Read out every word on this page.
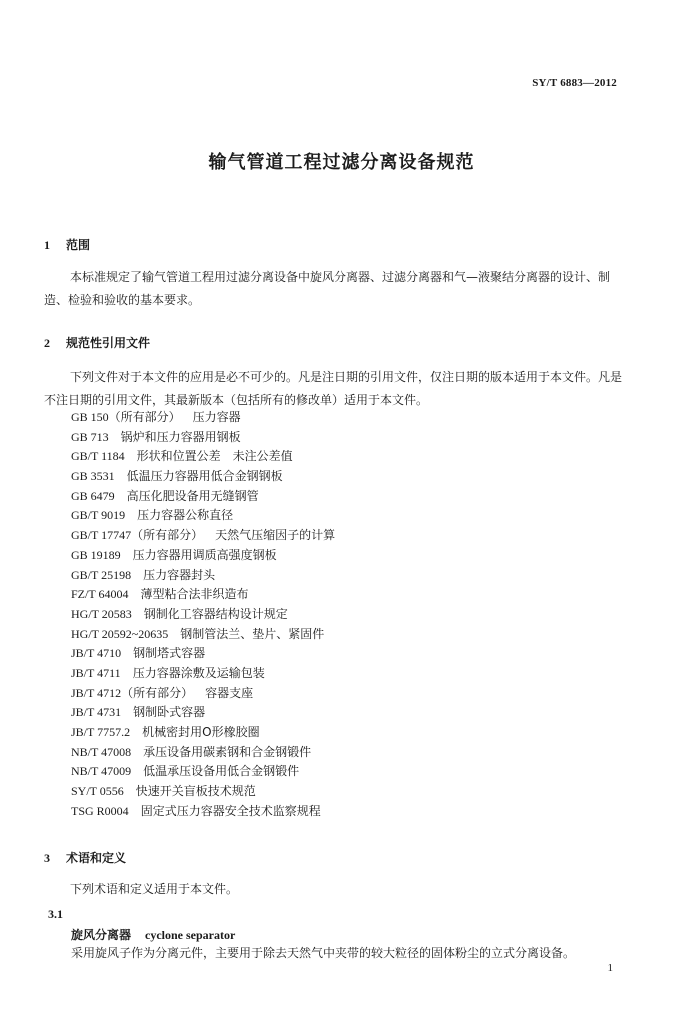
SY/T 6883—2012
输气管道工程过滤分离设备规范
1 范围
本标准规定了输气管道工程用过滤分离设备中旋风分离器、过滤分离器和气—液聚结分离器的设计、制造、检验和验收的基本要求。
2 规范性引用文件
下列文件对于本文件的应用是必不可少的。凡是注日期的引用文件，仅注日期的版本适用于本文件。凡是不注日期的引用文件，其最新版本（包括所有的修改单）适用于本文件。
GB 150（所有部分） 压力容器
GB 713 锅炉和压力容器用钢板
GB/T 1184 形状和位置公差　未注公差值
GB 3531 低温压力容器用低合金钢钢板
GB 6479 高压化肥设备用无缝钢管
GB/T 9019 压力容器公称直径
GB/T 17747（所有部分） 天然气压缩因子的计算
GB 19189 压力容器用调质高强度钢板
GB/T 25198 压力容器封头
FZ/T 64004 薄型粘合法非织造布
HG/T 20583 钢制化工容器结构设计规定
HG/T 20592~20635 钢制管法兰、垫片、紧固件
JB/T 4710 钢制塔式容器
JB/T 4711 压力容器涂敷及运输包装
JB/T 4712（所有部分） 容器支座
JB/T 4731 钢制卧式容器
JB/T 7757.2 机械密封用O形橡胶圈
NB/T 47008 承压设备用碳素钢和合金钢锻件
NB/T 47009 低温承压设备用低合金钢锻件
SY/T 0556 快速开关盲板技术规范
TSG R0004 固定式压力容器安全技术监察规程
3 术语和定义
下列术语和定义适用于本文件。
3.1
旋风分离器 cyclone separator
采用旋风子作为分离元件，主要用于除去天然气中夹带的较大粒径的固体粉尘的立式分离设备。
1
